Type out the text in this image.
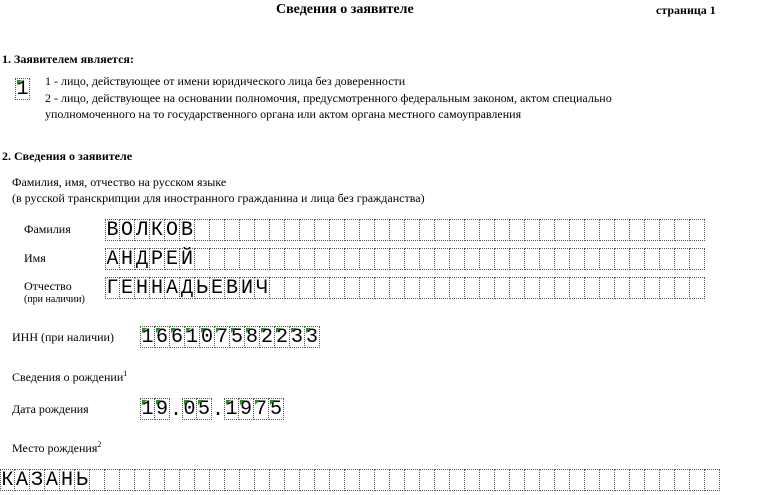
Сведения о заявителе	страница 1
1. Заявителем является:
1 1 - лицо, действующее от имени юридического лица без доверенности
2 - лицо, действующее на основании полномочия, предусмотренного федеральным законом, актом специально
уполномоченного на то государственного органа или актом органа местного самоуправления
2. Сведения о заявителе
Фамилия, имя, отчество на русском языке
(в русской транскрипции для иностранного гражданина и лица без гражданства)
Фамилия В О Л К О В
Имя	А Н Д Р Е Й
Отчество
(при наличии) Г Е Н Н А Д Ь Е В И Ч
ИНН (при наличии) 1 6 6 1 0 7 5 8 2 2 3 3
Сведения о рождении$^1$
Дата рождения	1 9 . 0 5 . 1 9 7 5
Место рождения$^2$
К А З А Н Ь
